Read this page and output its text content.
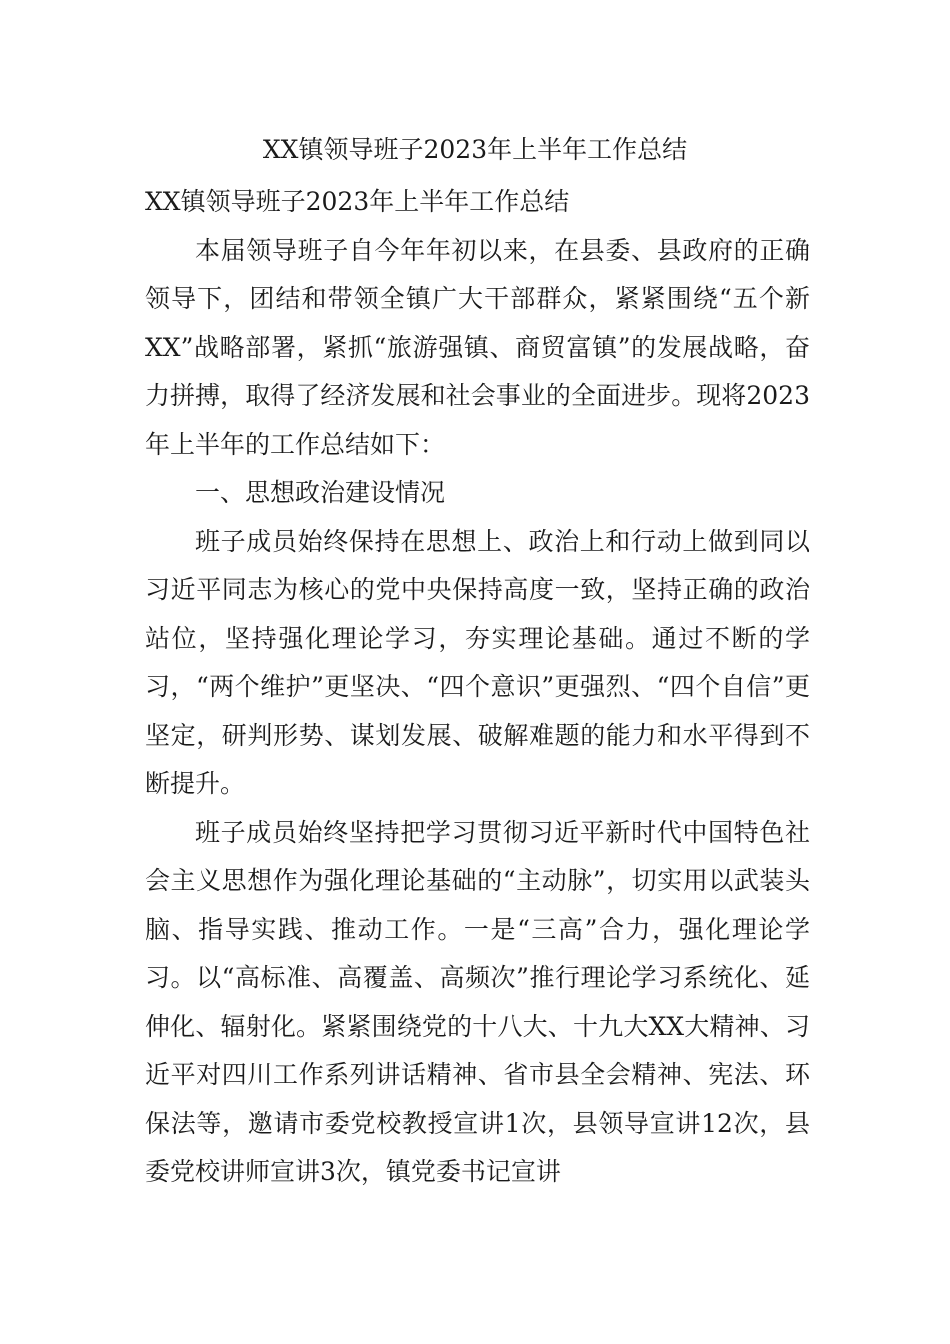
XX镇领导班子2023年上半年工作总结

XX镇领导班子2023年上半年工作总结

本届领导班子自今年年初以来，在县委、县政府的正确领导下，团结和带领全镇广大干部群众，紧紧围绕“五个新XX”战略部署，紧抓“旅游强镇、商贸富镇”的发展战略，奋力拼搏，取得了经济发展和社会事业的全面进步。现将2023年上半年的工作总结如下：

一、思想政治建设情况

班子成员始终保持在思想上、政治上和行动上做到同以习近平同志为核心的党中央保持高度一致，坚持正确的政治站位，坚持强化理论学习，夯实理论基础。通过不断的学习，“两个维护”更坚决、“四个意识”更强烈、“四个自信”更坚定，研判形势、谋划发展、破解难题的能力和水平得到不断提升。

班子成员始终坚持把学习贯彻习近平新时代中国特色社会主义思想作为强化理论基础的“主动脉”，切实用以武装头脑、指导实践、推动工作。一是“三高”合力，强化理论学习。以“高标准、高覆盖、高频次”推行理论学习系统化、延伸化、辐射化。紧紧围绕党的十八大、十九大XX大精神、习近平对四川工作系列讲话精神、省市县全会精神、宪法、环保法等，邀请市委党校教授宣讲1次，县领导宣讲12次，县委党校讲师宣讲3次，镇党委书记宣讲
